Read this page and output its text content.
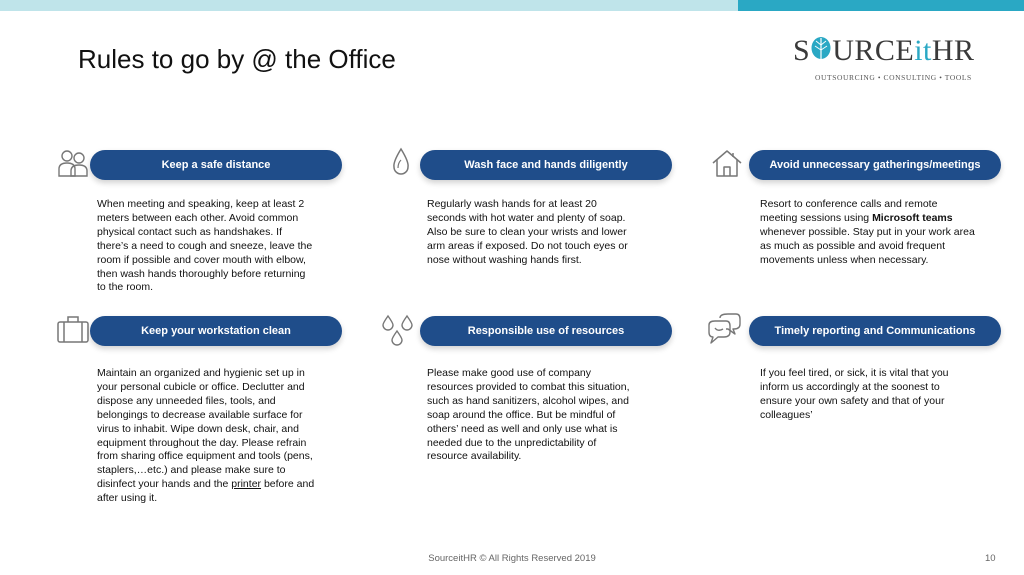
Rules to go by @ the Office	S URCEitHR
OUTSOURCING • CONSULTING • TOOLS
Keep a safe distance
When meeting and speaking, keep at least 2 meters between each other. Avoid common physical contact such as handshakes. If there’s a need to cough and sneeze, leave the room if possible and cover mouth with elbow, then wash hands thoroughly before returning to the room.
Wash face and hands diligently
Regularly wash hands for at least 20 seconds with hot water and plenty of soap. Also be sure to clean your wrists and lower arm areas if exposed. Do not touch eyes or nose without washing hands first.
Avoid unnecessary gatherings/meetings
Resort to conference calls and remote meeting sessions using Microsoft teams whenever possible. Stay put in your work area as much as possible and avoid frequent movements unless when necessary.
Keep your workstation clean
Maintain an organized and hygienic set up in your personal cubicle or office. Declutter and dispose any unneeded files, tools, and belongings to decrease available surface for virus to inhabit. Wipe down desk, chair, and equipment throughout the day. Please refrain from sharing office equipment and tools (pens, staplers,…etc.) and please make sure to disinfect your hands and the printer before and after using it.
Responsible use of resources
Please make good use of company resources provided to combat this situation, such as hand sanitizers, alcohol wipes, and soap around the office. But be mindful of others’ need as well and only use what is needed due to the unpredictability of resource availability.
Timely reporting and Communications
If you feel tired, or sick, it is vital that you inform us accordingly at the soonest to ensure your own safety and that of your colleagues’
SourceitHR © All Rights Reserved 2019	10
